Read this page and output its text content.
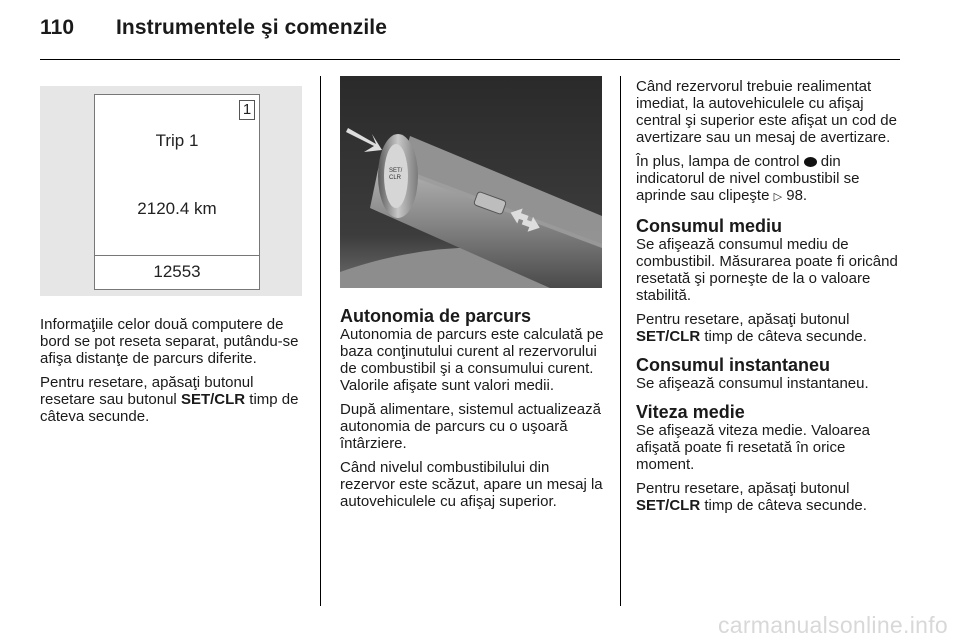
110 Instrumentele şi comenzile
1
Trip 1
2120.4 km
12553
SET/
CLR

Informaţiile celor două computere de bord se pot reseta separat, putându-se afişa distanţe de parcurs diferite.

Pentru resetare, apăsaţi butonul resetare sau butonul SET/CLR timp de câteva secunde.

Autonomia de parcurs

Autonomia de parcurs este calculată pe baza conţinutului curent al rezervorului de combustibil şi a consumului curent. Valorile afişate sunt valori medii.

După alimentare, sistemul actualizează autonomia de parcurs cu o uşoară întârziere.

Când nivelul combustibilului din rezervor este scăzut, apare un mesaj la autovehiculele cu afişaj superior.

Când rezervorul trebuie realimentat imediat, la autovehiculele cu afişaj central şi superior este afişat un cod de avertizare sau un mesaj de avertizare.

În plus, lampa de control  din indicatorul de nivel combustibil se aprinde sau clipeşte ▷ 98.

Consumul mediu

Se afişează consumul mediu de combustibil. Măsurarea poate fi oricând resetată şi porneşte de la o valoare stabilită.

Pentru resetare, apăsaţi butonul SET/CLR timp de câteva secunde.

Consumul instantaneu

Se afişează consumul instantaneu.

Viteza medie

Se afişează viteza medie. Valoarea afişată poate fi resetată în orice moment.

Pentru resetare, apăsaţi butonul SET/CLR timp de câteva secunde.

carmanualsonline.info
